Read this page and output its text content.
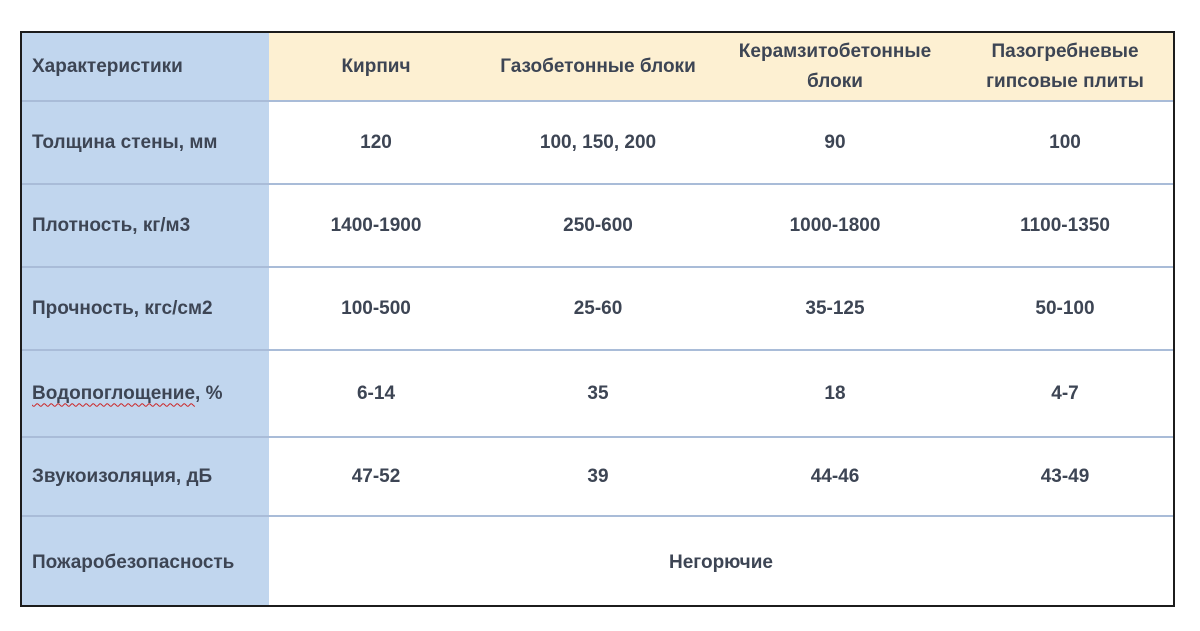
Характеристики	Кирпич	Газобетонные блоки	Керамзитобетонные блоки	Пазогребневые гипсовые плиты
Толщина стены, мм	120	100, 150, 200	90	100
Плотность, кг/м3	1400-1900	250-600	1000-1800	1100-1350
Прочность, кгс/см2	100-500	25-60	35-125	50-100
Водопоглощение, %	6-14	35	18	4-7
Звукоизоляция, дБ	47-52	39	44-46	43-49
Пожаробезопасность	Негорючие			
